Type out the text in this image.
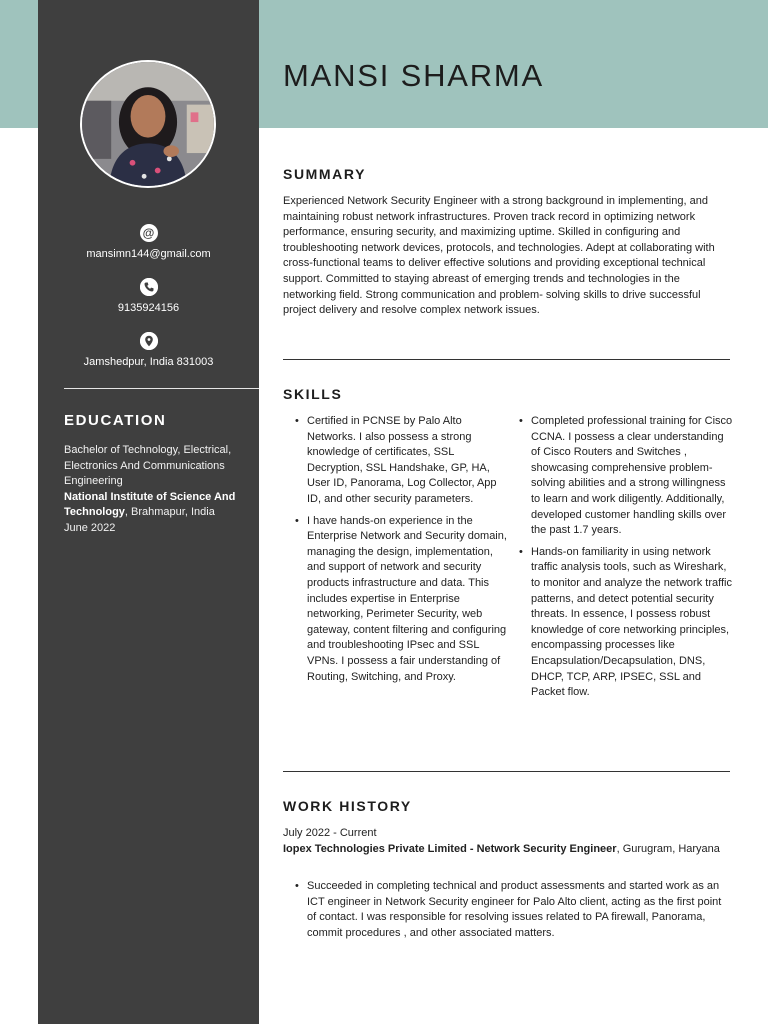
@
mansimn144@gmail.com
9135924156
Jamshedpur, India 831003
EDUCATION
Bachelor of Technology, Electrical, Electronics And Communications Engineering
National Institute of Science And Technology, Brahmapur, India
June 2022
MANSI SHARMA
SUMMARY

Experienced Network Security Engineer with a strong background in implementing, and maintaining robust network infrastructures. Proven track record in optimizing network performance, ensuring security, and maximizing uptime. Skilled in configuring and troubleshooting network devices, protocols, and technologies. Adept at collaborating with cross-functional teams to deliver effective solutions and providing exceptional technical support. Committed to staying abreast of emerging trends and technologies in the networking field. Strong communication and problem- solving skills to drive successful project delivery and resolve complex network issues.

SKILLS
• Certified in PCNSE by Palo Alto Networks. I also possess a strong knowledge of certificates, SSL Decryption, SSL Handshake, GP, HA, User ID, Panorama, Log Collector, App ID, and other security parameters.
• I have hands-on experience in the Enterprise Network and Security domain, managing the design, implementation, and support of network and security products infrastructure and data. This includes expertise in Enterprise networking, Perimeter Security, web gateway, content filtering and configuring and troubleshooting IPsec and SSL VPNs. I possess a fair understanding of Routing, Switching, and Proxy.
• Completed professional training for Cisco CCNA. I possess a clear understanding of Cisco Routers and Switches , showcasing comprehensive problem-solving abilities and a strong willingness to learn and work diligently. Additionally, developed customer handling skills over the past 1.7 years.
• Hands-on familiarity in using network traffic analysis tools, such as Wireshark, to monitor and analyze the network traffic patterns, and detect potential security threats. In essence, I possess robust knowledge of core networking principles, encompassing processes like Encapsulation/Decapsulation, DNS, DHCP, TCP, ARP, IPSEC, SSL and Packet flow.
WORK HISTORY
July 2022 - Current
Iopex Technologies Private Limited - Network Security Engineer, Gurugram, Haryana
• Succeeded in completing technical and product assessments and started work as an ICT engineer in Network Security engineer for Palo Alto client, acting as the first point of contact. I was responsible for resolving issues related to PA firewall, Panorama, commit procedures , and other associated matters.
